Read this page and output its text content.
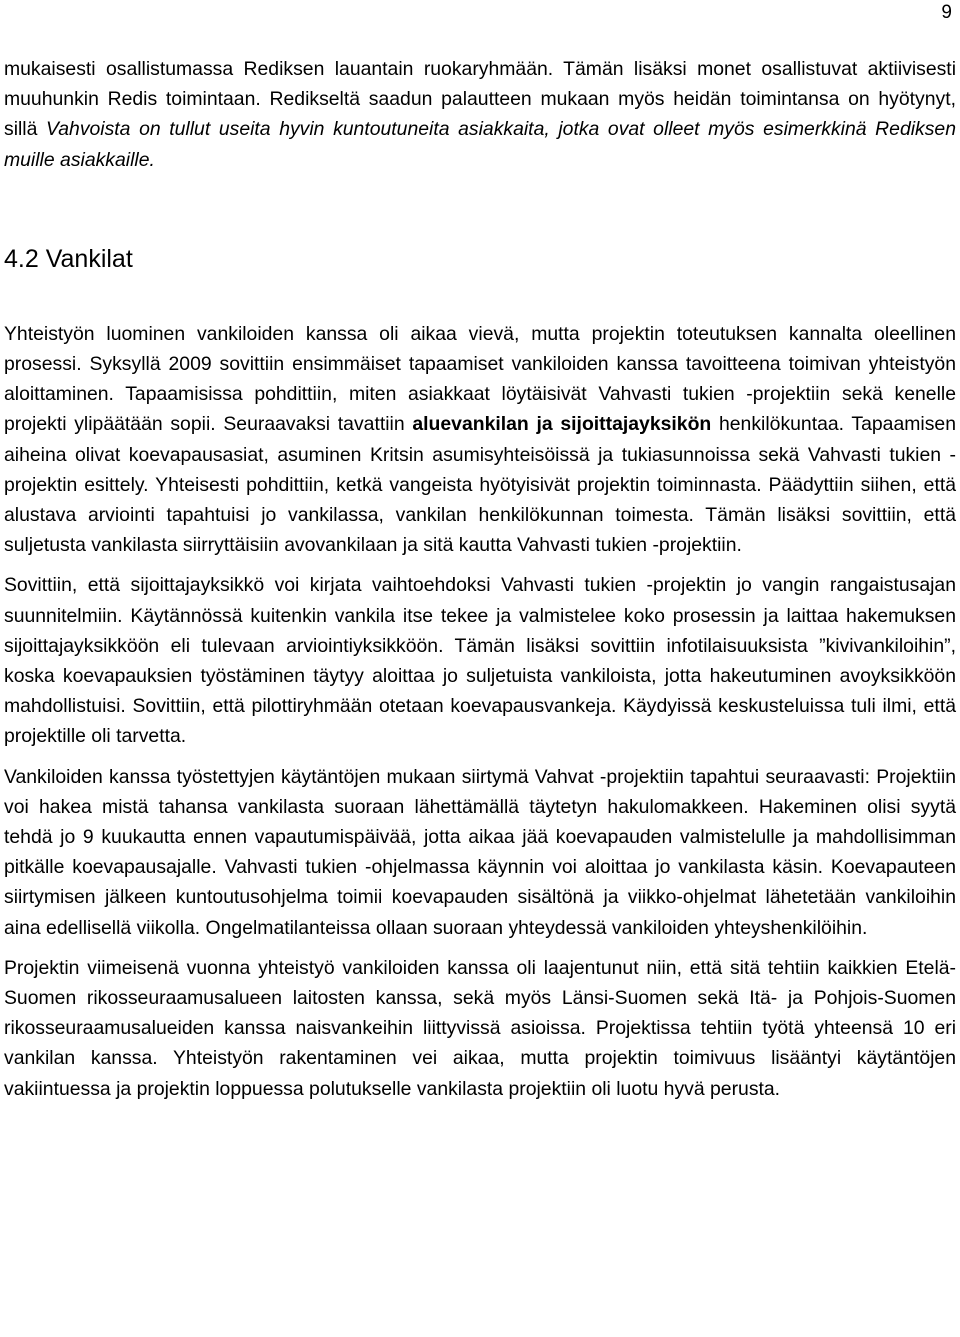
9

mukaisesti osallistumassa Rediksen lauantain ruokaryhmään. Tämän lisäksi monet osallistuvat aktiivisesti muuhunkin Redis toimintaan. Redikseltä saadun palautteen mukaan myös heidän toimintansa on hyötynyt, sillä Vahvoista on tullut useita hyvin kuntoutuneita asiakkaita, jotka ovat olleet myös esimerkkinä Rediksen muille asiakkaille.

4.2 Vankilat

Yhteistyön luominen vankiloiden kanssa oli aikaa vievä, mutta projektin toteutuksen kannalta oleellinen prosessi. Syksyllä 2009 sovittiin ensimmäiset tapaamiset vankiloiden kanssa tavoitteena toimivan yhteistyön aloittaminen. Tapaamisissa pohdittiin, miten asiakkaat löytäisivät Vahvasti tukien -projektiin sekä kenelle projekti ylipäätään sopii. Seuraavaksi tavattiin aluevankilan ja sijoittajayksikön henkilökuntaa. Tapaamisen aiheina olivat koevapausasiat, asuminen Kritsin asumisyhteisöissä ja tukiasunnoissa sekä Vahvasti tukien -projektin esittely. Yhteisesti pohdittiin, ketkä vangeista hyötyisivät projektin toiminnasta. Päädyttiin siihen, että alustava arviointi tapahtuisi jo vankilassa, vankilan henkilökunnan toimesta. Tämän lisäksi sovittiin, että suljetusta vankilasta siirryttäisiin avovankilaan ja sitä kautta Vahvasti tukien -projektiin.

Sovittiin, että sijoittajayksikkö voi kirjata vaihtoehdoksi Vahvasti tukien -projektin jo vangin rangaistusajan suunnitelmiin. Käytännössä kuitenkin vankila itse tekee ja valmistelee koko prosessin ja laittaa hakemuksen sijoittajayksikköön eli tulevaan arviointiyksikköön. Tämän lisäksi sovittiin infotilaisuuksista ”kivivankiloihin”, koska koevapauksien työstäminen täytyy aloittaa jo suljetuista vankiloista, jotta hakeutuminen avoyksikköön mahdollistuisi. Sovittiin, että pilottiryhmään otetaan koevapausvankeja. Käydyissä keskusteluissa tuli ilmi, että projektille oli tarvetta.

Vankiloiden kanssa työstettyjen käytäntöjen mukaan siirtymä Vahvat -projektiin tapahtui seuraavasti: Projektiin voi hakea mistä tahansa vankilasta suoraan lähettämällä täytetyn hakulomakkeen. Hakeminen olisi syytä tehdä jo 9 kuukautta ennen vapautumispäivää, jotta aikaa jää koevapauden valmistelulle ja mahdollisimman pitkälle koevapausajalle. Vahvasti tukien -ohjelmassa käynnin voi aloittaa jo vankilasta käsin. Koevapauteen siirtymisen jälkeen kuntoutusohjelma toimii koevapauden sisältönä ja viikko-ohjelmat lähetetään vankiloihin aina edellisellä viikolla. Ongelmatilanteissa ollaan suoraan yhteydessä vankiloiden yhteyshenkilöihin.

Projektin viimeisenä vuonna yhteistyö vankiloiden kanssa oli laajentunut niin, että sitä tehtiin kaikkien Etelä-Suomen rikosseuraamusalueen laitosten kanssa, sekä myös Länsi-Suomen sekä Itä- ja Pohjois-Suomen rikosseuraamusalueiden kanssa naisvankeihin liittyvissä asioissa. Projektissa tehtiin työtä yhteensä 10 eri vankilan kanssa. Yhteistyön rakentaminen vei aikaa, mutta projektin toimivuus lisääntyi käytäntöjen vakiintuessa ja projektin loppuessa polutukselle vankilasta projektiin oli luotu hyvä perusta.
